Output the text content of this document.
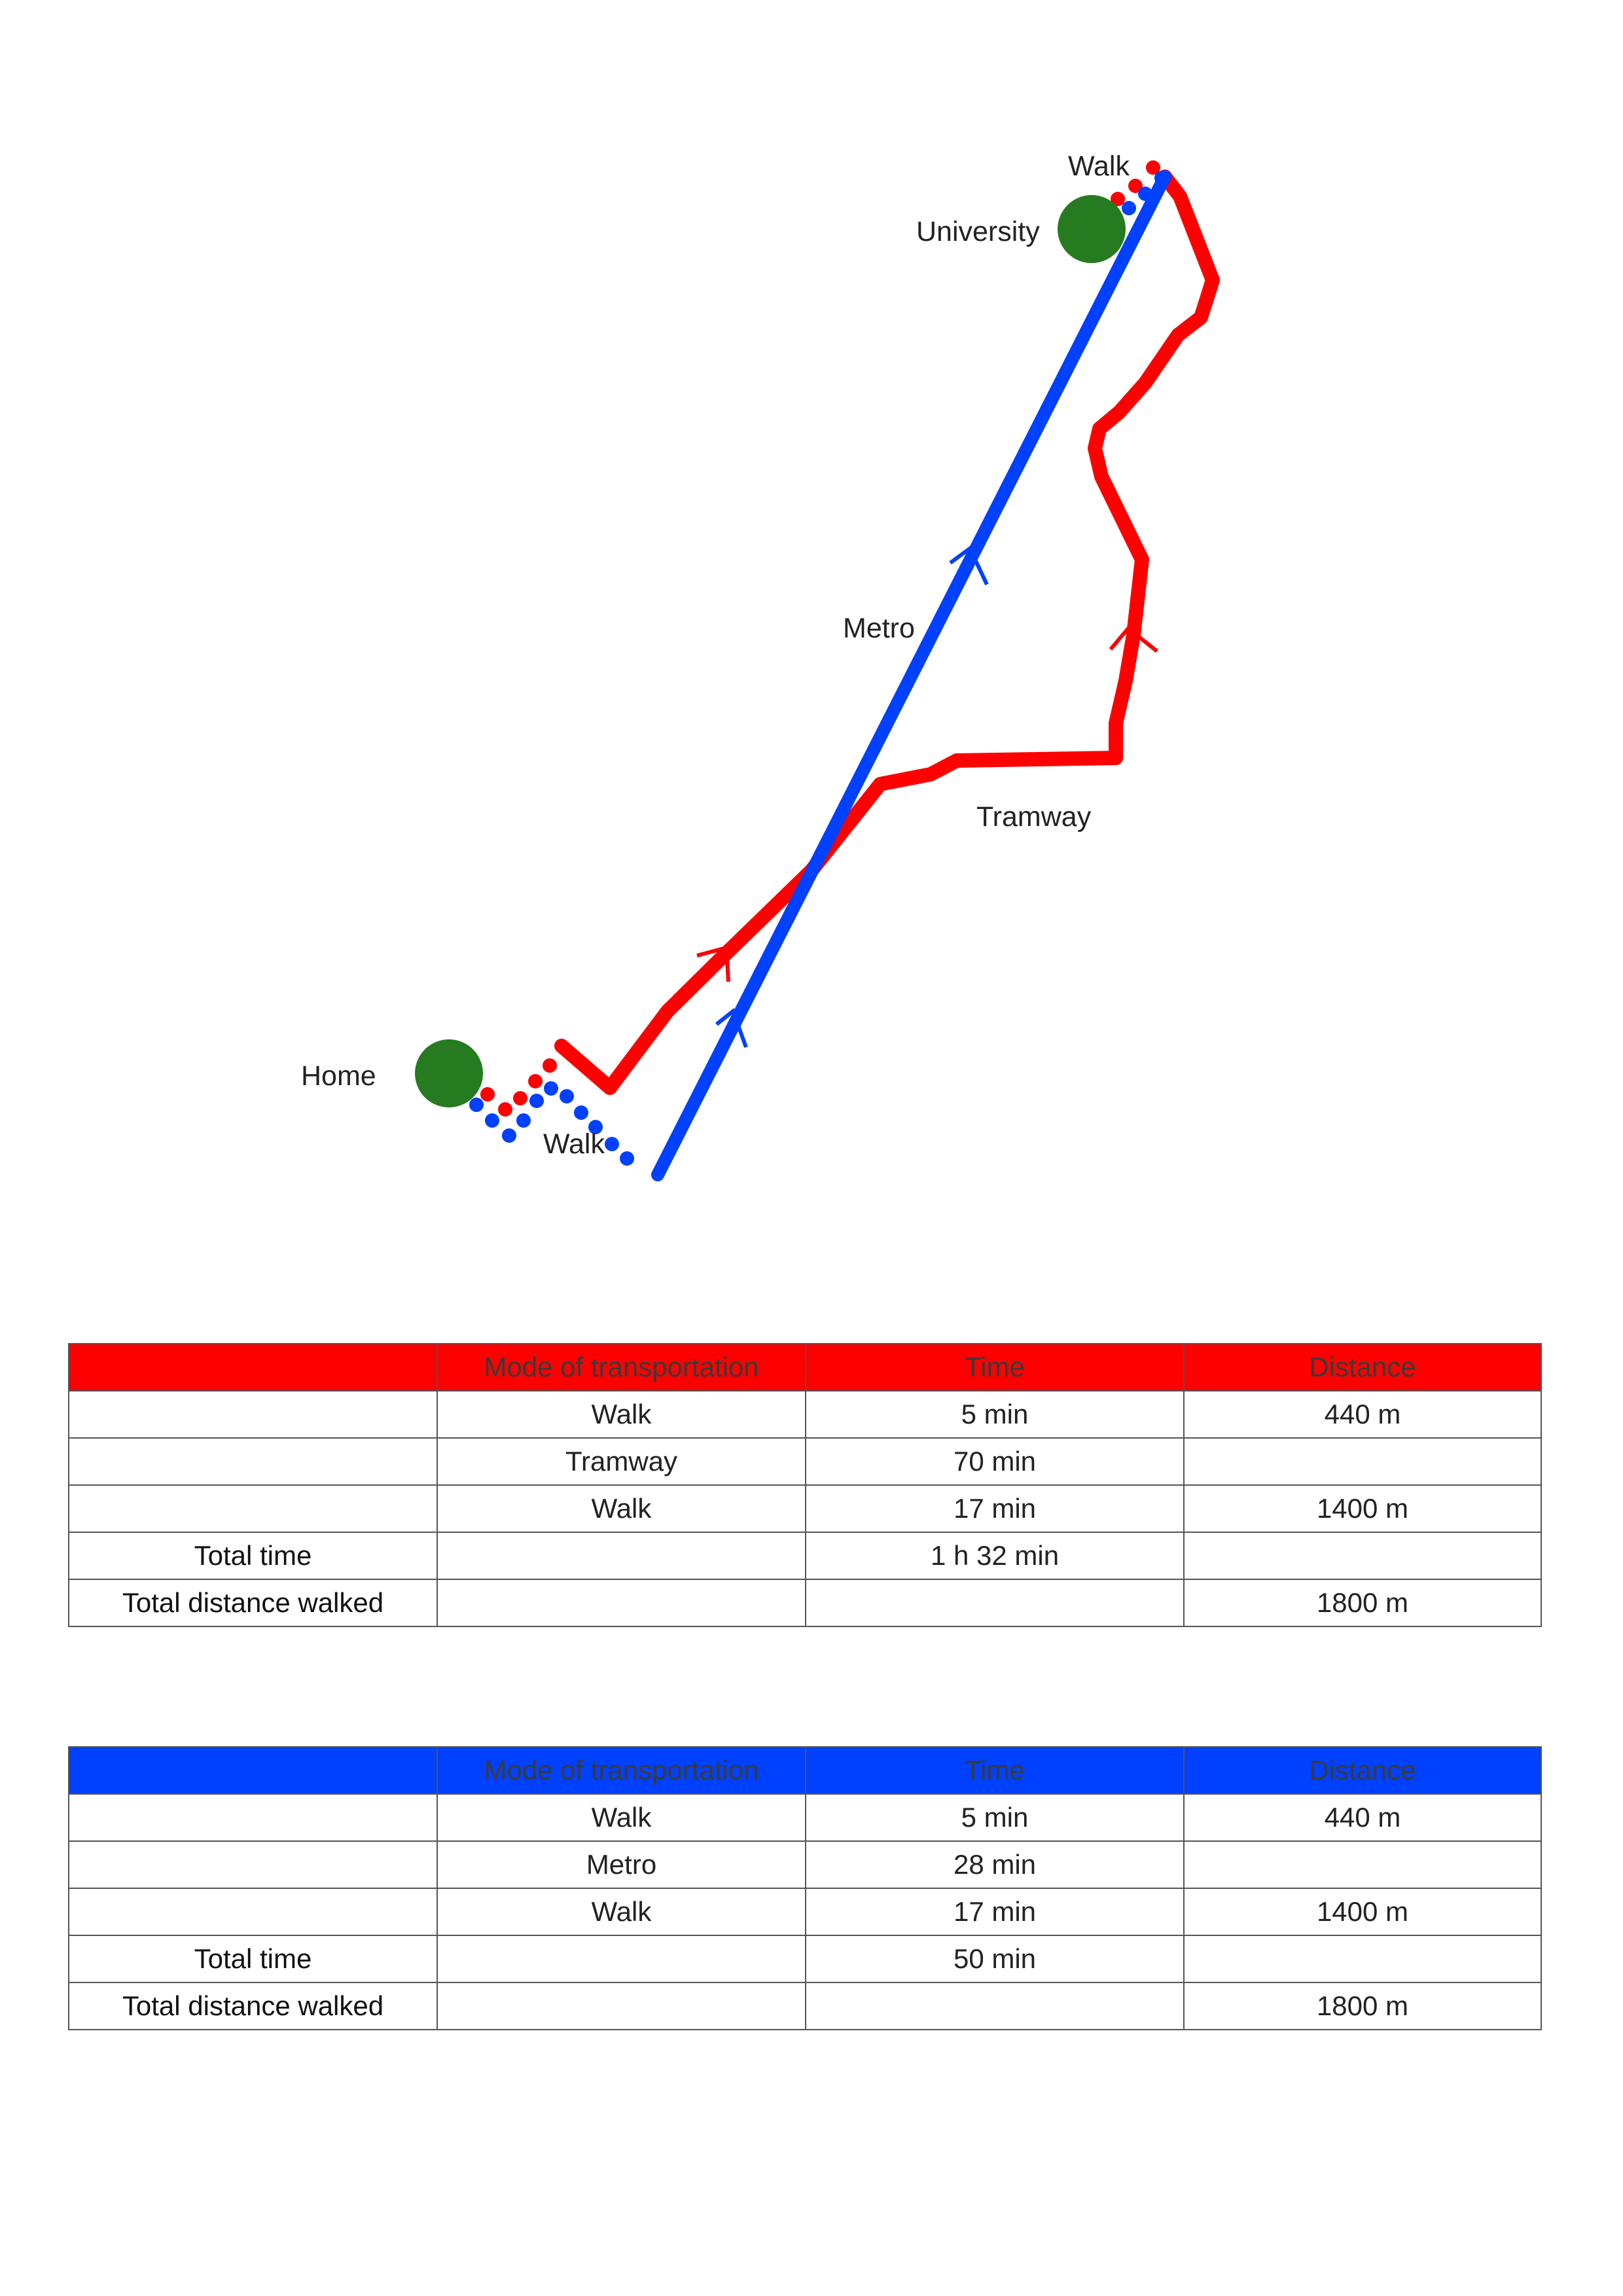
Home
University
Walk
Walk
Metro
Tramway
	Mode of transportation	Time	Distance
	Walk	5 min	440 m
	Tramway	70 min	
	Walk	17 min	1400 m
Total time		1 h 32 min	
Total distance walked			1800 m
	Mode of transportation	Time	Distance
	Walk	5 min	440 m
	Metro	28 min	
	Walk	17 min	1400 m
Total time		50 min	
Total distance walked			1800 m
